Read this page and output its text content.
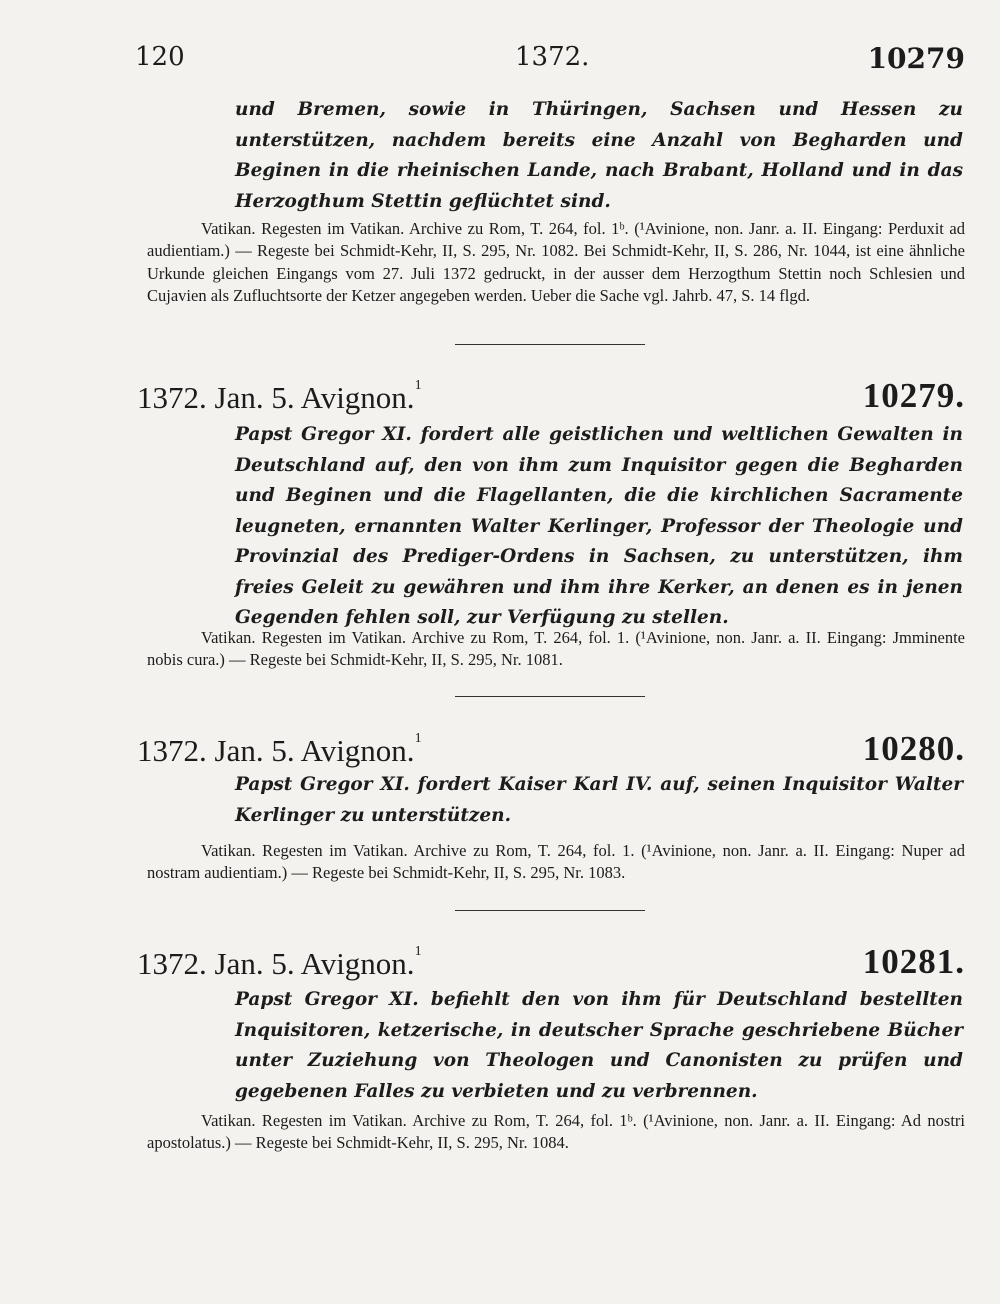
120	1372.	10279
und Bremen, sowie in Thüringen, Sachsen und Hessen zu unterstützen, nachdem bereits eine Anzahl von Begharden und Beginen in die rheinischen Lande, nach Brabant, Holland und in das Herzogthum Stettin geflüchtet sind.
Vatikan. Regesten im Vatikan. Archive zu Rom, T. 264, fol. 1ᵇ. (¹Avinione, non. Janr. a. II. Eingang: Perduxit ad audientiam.) — Regeste bei Schmidt-Kehr, II, S. 295, Nr. 1082. Bei Schmidt-Kehr, II, S. 286, Nr. 1044, ist eine ähnliche Urkunde gleichen Eingangs vom 27. Juli 1372 gedruckt, in der ausser dem Herzogthum Stettin noch Schlesien und Cujavien als Zufluchtsorte der Ketzer angegeben werden. Ueber die Sache vgl. Jahrb. 47, S. 14 flgd.
1372. Jan. 5. Avignon.$^1$	10279.
Papst Gregor XI. fordert alle geistlichen und weltlichen Gewalten in Deutschland auf, den von ihm zum Inquisitor gegen die Begharden und Beginen und die Flagellanten, die die kirchlichen Sacramente leugneten, ernannten Walter Kerlinger, Professor der Theologie und Provinzial des Prediger-Ordens in Sachsen, zu unterstützen, ihm freies Geleit zu gewähren und ihm ihre Kerker, an denen es in jenen Gegenden fehlen soll, zur Verfügung zu stellen.
Vatikan. Regesten im Vatikan. Archive zu Rom, T. 264, fol. 1. (¹Avinione, non. Janr. a. II. Eingang: Jmminente nobis cura.) — Regeste bei Schmidt-Kehr, II, S. 295, Nr. 1081.
1372. Jan. 5. Avignon.$^1$	10280.
Papst Gregor XI. fordert Kaiser Karl IV. auf, seinen Inquisitor Walter Kerlinger zu unterstützen.
Vatikan. Regesten im Vatikan. Archive zu Rom, T. 264, fol. 1. (¹Avinione, non. Janr. a. II. Eingang: Nuper ad nostram audientiam.) — Regeste bei Schmidt-Kehr, II, S. 295, Nr. 1083.
1372. Jan. 5. Avignon.$^1$	10281.
Papst Gregor XI. befiehlt den von ihm für Deutschland bestellten Inquisitoren, ketzerische, in deutscher Sprache geschriebene Bücher unter Zuziehung von Theologen und Canonisten zu prüfen und gegebenen Falles zu verbieten und zu verbrennen.
Vatikan. Regesten im Vatikan. Archive zu Rom, T. 264, fol. 1ᵇ. (¹Avinione, non. Janr. a. II. Eingang: Ad nostri apostolatus.) — Regeste bei Schmidt-Kehr, II, S. 295, Nr. 1084.
